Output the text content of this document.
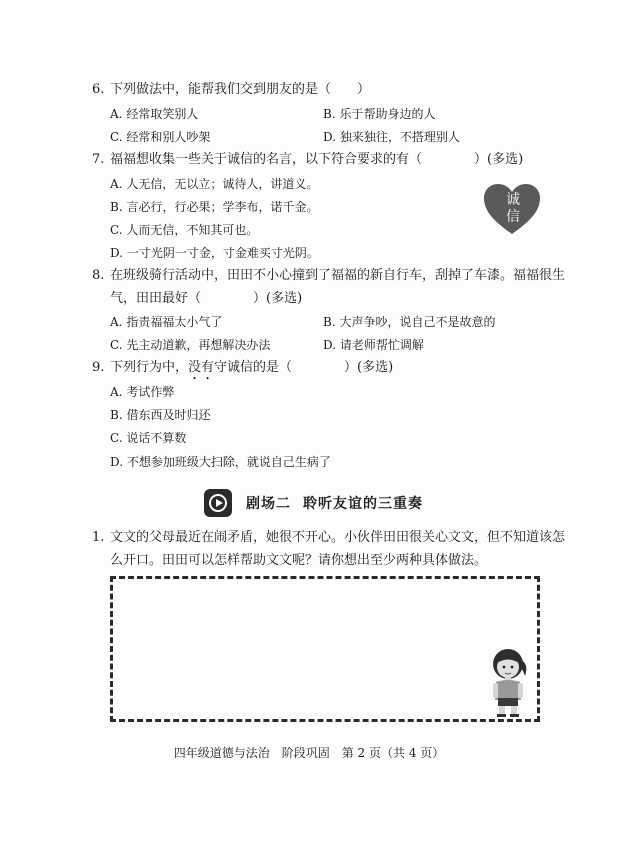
6. 下列做法中，能帮我们交到朋友的是（　　）
A. 经常取笑别人	B. 乐于帮助身边的人
C. 经常和别人吵架	D. 独来独往，不搭理别人
7. 福福想收集一些关于诚信的名言，以下符合要求的有（　　　　）(多选)
A. 人无信，无以立；诚待人，讲道义。
B. 言必行，行必果；学李布，诺千金。
C. 人而无信，不知其可也。
D. 一寸光阴一寸金，寸金难买寸光阴。
诚
信
8. 在班级骑行活动中，田田不小心撞到了福福的新自行车，刮掉了车漆。福福很生
气，田田最好（　　　　）(多选)
A. 指责福福太小气了	B. 大声争吵，说自己不是故意的
C. 先主动道歉，再想解决办法	D. 请老师帮忙调解
9. 下列行为中，没有守诚信的是（　　　　）(多选)
A. 考试作弊
B. 借东西及时归还
C. 说话不算数
D. 不想参加班级大扫除，就说自己生病了
剧场二 聆听友谊的三重奏
1. 文文的父母最近在闹矛盾，她很不开心。小伙伴田田很关心文文，但不知道该怎
么开口。田田可以怎样帮助文文呢？请你想出至少两种具体做法。
四年级道德与法治　阶段巩固　第 2 页（共 4 页）
